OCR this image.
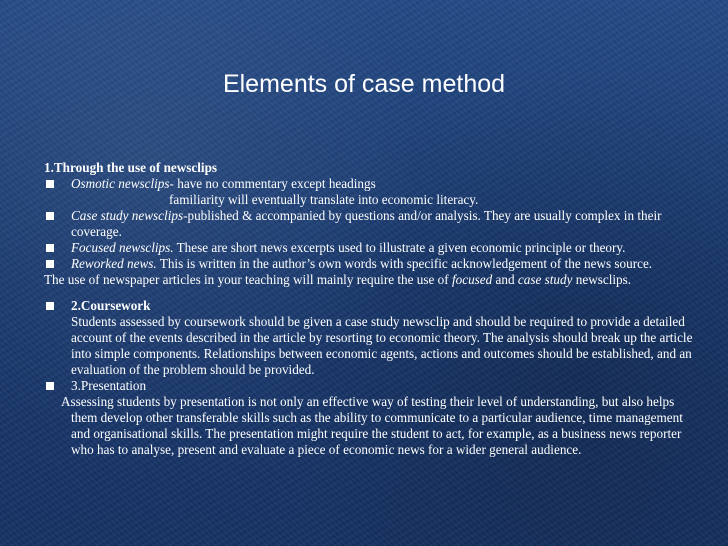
Elements of case method
1.Through the use of newsclips
Osmotic newsclips- have no commentary except headings
familiarity will eventually translate into economic literacy.
Case study newsclips-published & accompanied by questions and/or analysis. They are usually complex in their coverage.
Focused newsclips. These are short news excerpts used to illustrate a given economic principle or theory.
Reworked news. This is written in the author’s own words with specific acknowledgement of the news source.
The use of newspaper articles in your teaching will mainly require the use of focused and case study newsclips.
2.Coursework
Students assessed by coursework should be given a case study newsclip and should be required to provide a detailed account of the events described in the article by resorting to economic theory. The analysis should break up the article into simple components. Relationships between economic agents, actions and outcomes should be established, and an evaluation of the problem should be provided.
3.Presentation
Assessing students by presentation is not only an effective way of testing their level of understanding, but also helps them develop other transferable skills such as the ability to communicate to a particular audience, time management and organisational skills. The presentation might require the student to act, for example, as a business news reporter who has to analyse, present and evaluate a piece of economic news for a wider general audience.
